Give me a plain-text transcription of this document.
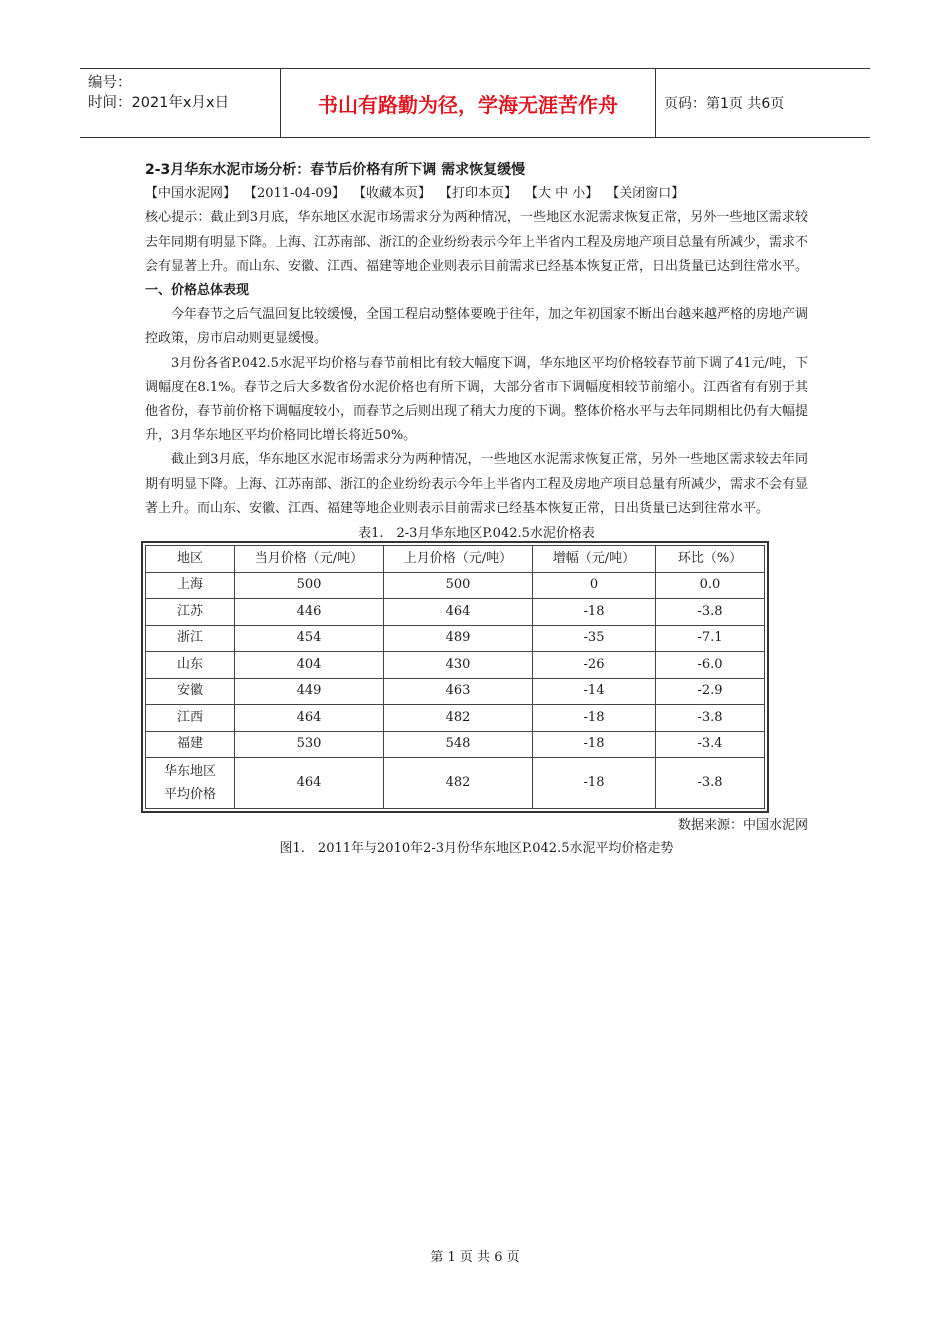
编号：
时间：2021年x月x日	书山有路勤为径，学海无涯苦作舟	页码：第1页 共6页
2-3月华东水泥市场分析：春节后价格有所下调 需求恢复缓慢
【中国水泥网】 【2011-04-09】 【收藏本页】 【打印本页】 【大 中 小】 【关闭窗口】

核心提示：截止到3月底，华东地区水泥市场需求分为两种情况，一些地区水泥需求恢复正常，另外一些地区需求较去年同期有明显下降。上海、江苏南部、浙江的企业纷纷表示今年上半省内工程及房地产项目总量有所减少，需求不会有显著上升。而山东、安徽、江西、福建等地企业则表示目前需求已经基本恢复正常，日出货量已达到往常水平。

一、价格总体表现

今年春节之后气温回复比较缓慢，全国工程启动整体要晚于往年，加之年初国家不断出台越来越严格的房地产调控政策，房市启动则更显缓慢。

3月份各省P.042.5水泥平均价格与春节前相比有较大幅度下调，华东地区平均价格较春节前下调了41元/吨，下调幅度在8.1%。春节之后大多数省份水泥价格也有所下调，大部分省市下调幅度相较节前缩小。江西省有有别于其他省份，春节前价格下调幅度较小，而春节之后则出现了稍大力度的下调。整体价格水平与去年同期相比仍有大幅提升，3月华东地区平均价格同比增长将近50%。

截止到3月底，华东地区水泥市场需求分为两种情况，一些地区水泥需求恢复正常，另外一些地区需求较去年同期有明显下降。上海、江苏南部、浙江的企业纷纷表示今年上半省内工程及房地产项目总量有所减少，需求不会有显著上升。而山东、安徽、江西、福建等地企业则表示目前需求已经基本恢复正常，日出货量已达到往常水平。

表1.　2-3月华东地区P.042.5水泥价格表
地区	当月价格（元/吨）	上月价格（元/吨）	增幅（元/吨）	环比（%）
上海	500	500	0	0.0
江苏	446	464	-18	-3.8
浙江	454	489	-35	-7.1
山东	404	430	-26	-6.0
安徽	449	463	-14	-2.9
江西	464	482	-18	-3.8
福建	530	548	-18	-3.4

华东地区
平均价格	464	482	-18	-3.8
数据来源：中国水泥网
图1.　2011年与2010年2-3月份华东地区P.042.5水泥平均价格走势
第 1 页 共 6 页
